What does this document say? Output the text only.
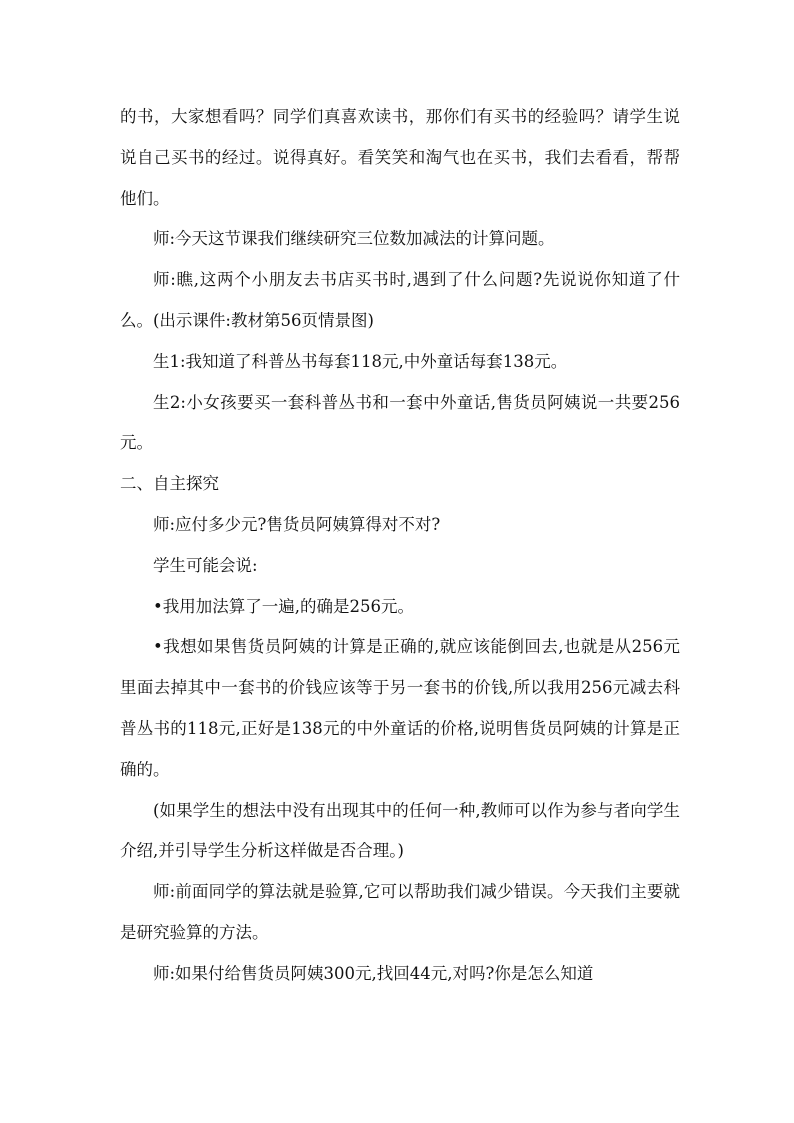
的书，大家想看吗？同学们真喜欢读书，那你们有买书的经验吗？请学生说说自己买书的经过。说得真好。看笑笑和淘气也在买书，我们去看看，帮帮他们。

师:今天这节课我们继续研究三位数加减法的计算问题。

师:瞧,这两个小朋友去书店买书时,遇到了什么问题?先说说你知道了什么。(出示课件:教材第56页情景图)

生1:我知道了科普丛书每套118元,中外童话每套138元。

生2:小女孩要买一套科普丛书和一套中外童话,售货员阿姨说一共要256元。

二、自主探究

师:应付多少元?售货员阿姨算得对不对?

学生可能会说:

•我用加法算了一遍,的确是256元。

•我想如果售货员阿姨的计算是正确的,就应该能倒回去,也就是从256元里面去掉其中一套书的价钱应该等于另一套书的价钱,所以我用256元减去科普丛书的118元,正好是138元的中外童话的价格,说明售货员阿姨的计算是正确的。

(如果学生的想法中没有出现其中的任何一种,教师可以作为参与者向学生介绍,并引导学生分析这样做是否合理。)

师:前面同学的算法就是验算,它可以帮助我们减少错误。今天我们主要就是研究验算的方法。

师:如果付给售货员阿姨300元,找回44元,对吗?你是怎么知道
